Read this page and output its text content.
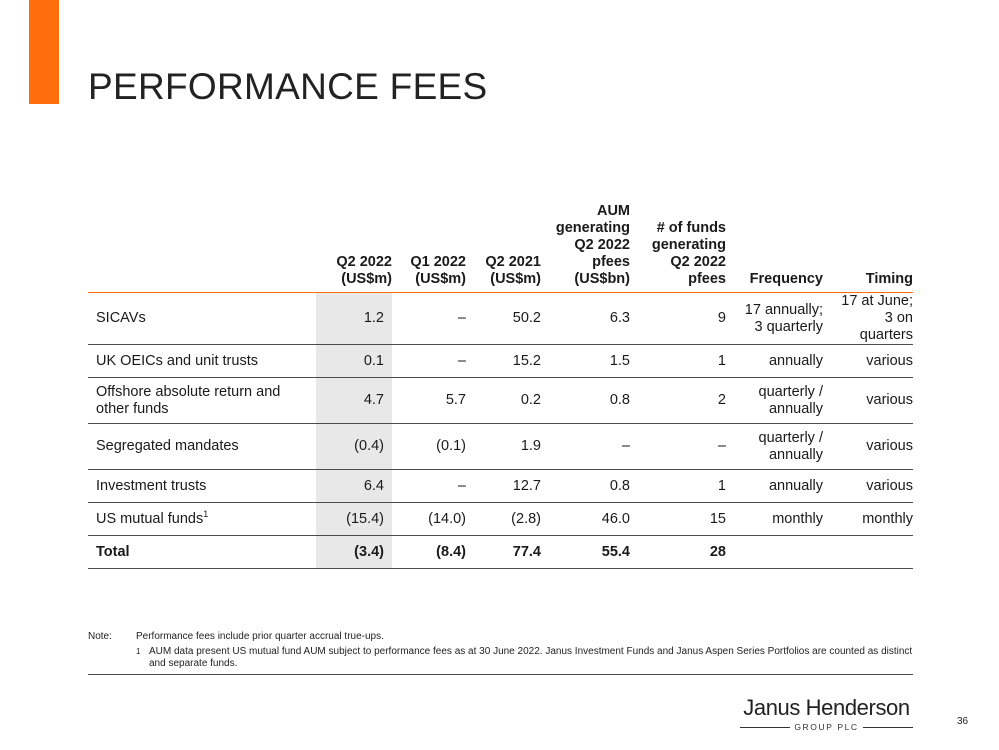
PERFORMANCE FEES
	Q2 2022 (US$m)	Q1 2022 (US$m)	Q2 2021 (US$m)	AUM generating Q2 2022 pfees (US$bn)	# of funds generating Q2 2022 pfees	Frequency	Timing
SICAVs	1.2	–	50.2	6.3	9	17 annually; 3 quarterly	17 at June; 3 on quarters
UK OEICs and unit trusts	0.1	–	15.2	1.5	1	annually	various
Offshore absolute return and other funds	4.7	5.7	0.2	0.8	2	quarterly / annually	various
Segregated mandates	(0.4)	(0.1)	1.9	–	–	quarterly / annually	various
Investment trusts	6.4	–	12.7	0.8	1	annually	various
US mutual funds$^1$	(15.4)	(14.0)	(2.8)	46.0	15	monthly	monthly
Total	(3.4)	(8.4)	77.4	55.4	28		
Note:	Performance fees include prior quarter accrual true-ups.
1 AUM data present US mutual fund AUM subject to performance fees as at 30 June 2022. Janus Investment Funds and Janus Aspen Series Portfolios are counted as distinct and separate funds.
Janus Henderson
GROUP PLC	36
